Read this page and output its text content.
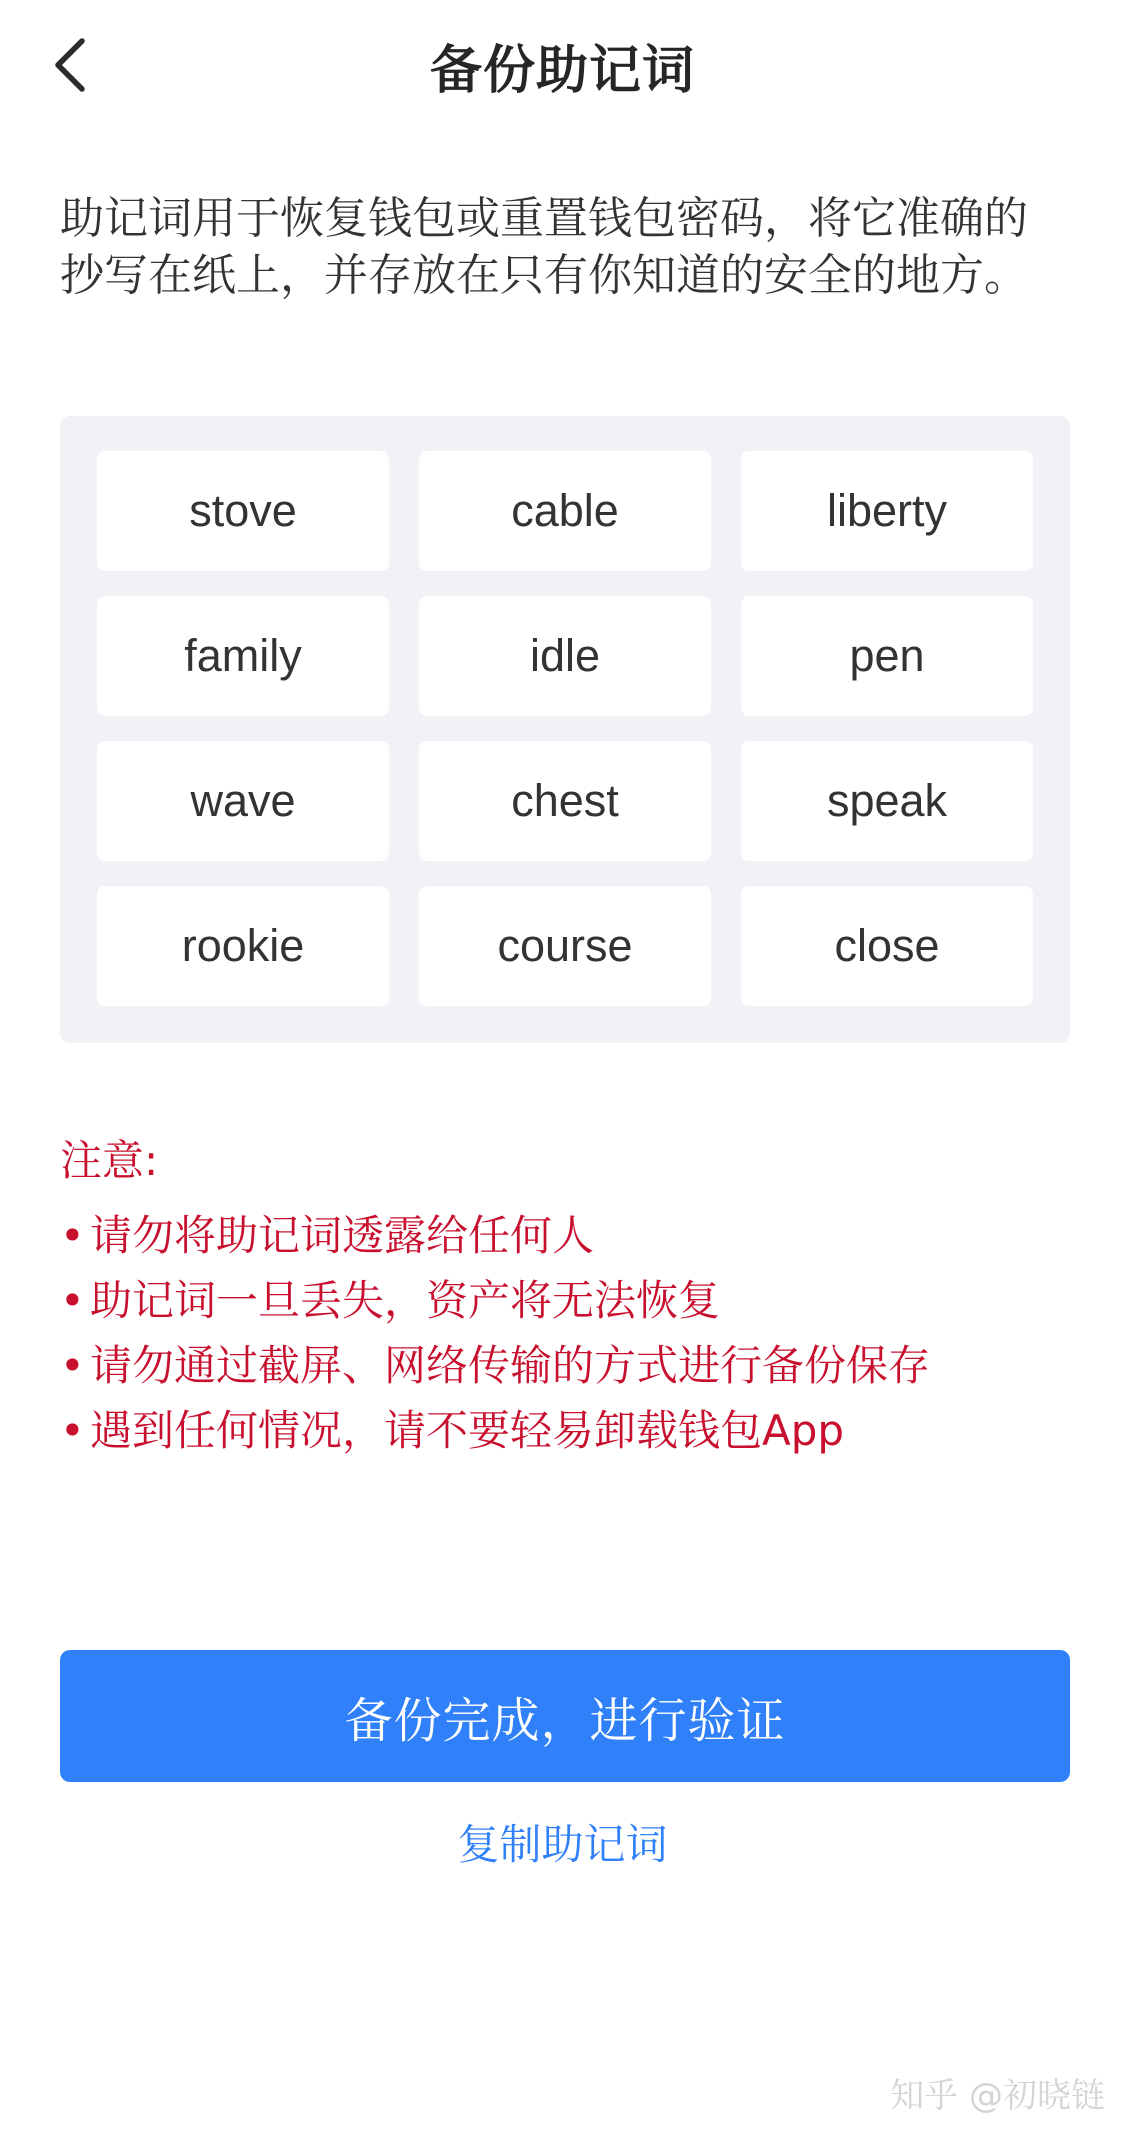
备份助记词
助记词用于恢复钱包或重置钱包密码，将它准确的抄写在纸上，并存放在只有你知道的安全的地方。
stove	cable	liberty
family	idle	pen
wave	chest	speak
rookie	course	close
注意:
• 请勿将助记词透露给任何人
• 助记词一旦丢失，资产将无法恢复
• 请勿通过截屏、网络传输的方式进行备份保存
• 遇到任何情况，请不要轻易卸载钱包App
备份完成，进行验证
复制助记词
知乎 @初晓链
